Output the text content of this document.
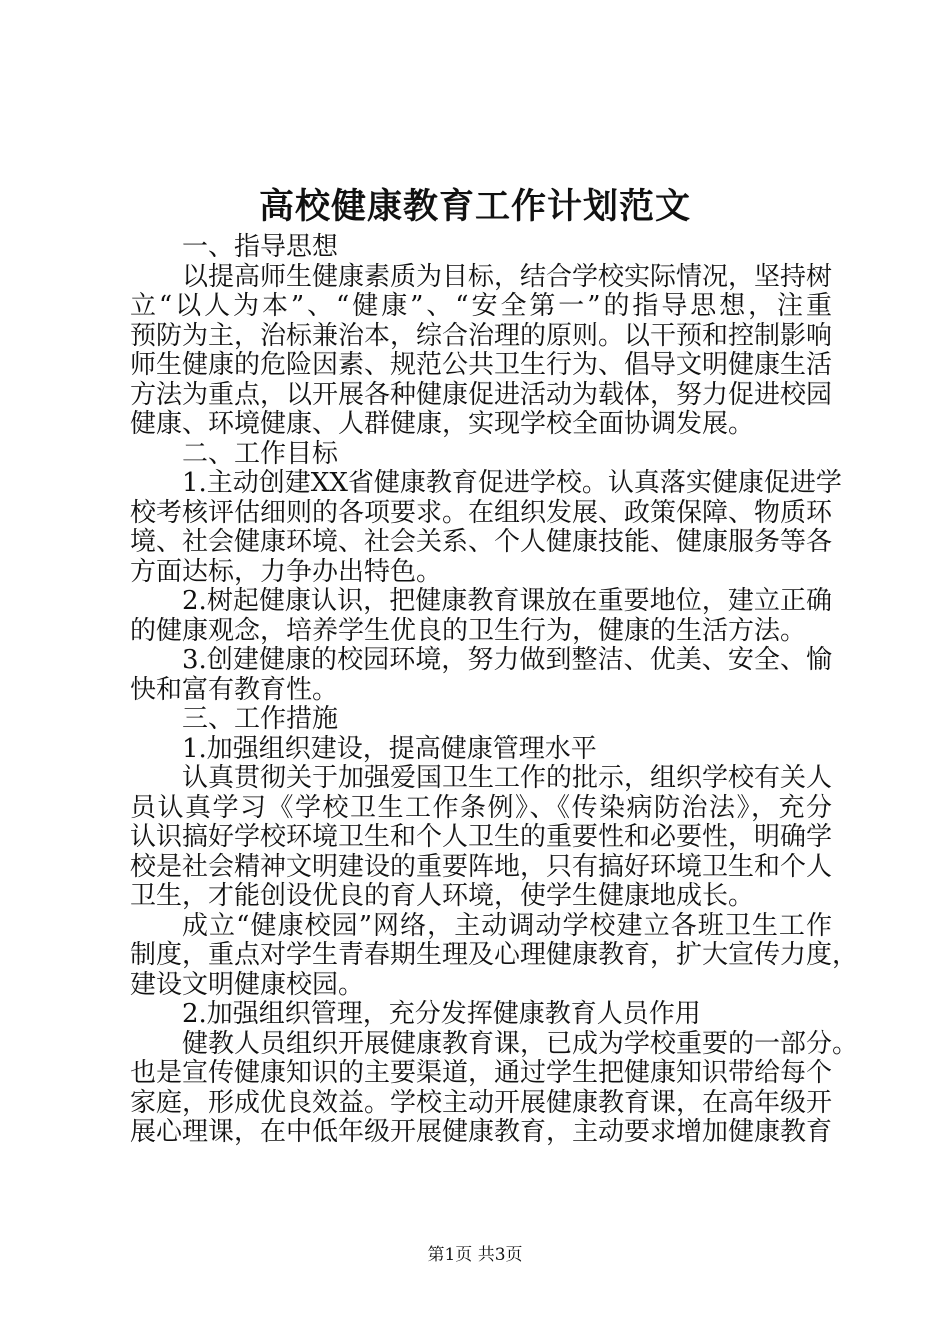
高校健康教育工作计划范文
一、指导思想
以提高师生健康素质为目标，结合学校实际情况，坚持树
立“以人为本”、“健康”、“安全第一”的指导思想，注重
预防为主，治标兼治本，综合治理的原则。以干预和控制影响
师生健康的危险因素、规范公共卫生行为、倡导文明健康生活
方法为重点，以开展各种健康促进活动为载体，努力促进校园
健康、环境健康、人群健康，实现学校全面协调发展。
二、工作目标
1.主动创建XX省健康教育促进学校。认真落实健康促进学
校考核评估细则的各项要求。在组织发展、政策保障、物质环
境、社会健康环境、社会关系、个人健康技能、健康服务等各
方面达标，力争办出特色。
2.树起健康认识，把健康教育课放在重要地位，建立正确
的健康观念，培养学生优良的卫生行为，健康的生活方法。
3.创建健康的校园环境，努力做到整洁、优美、安全、愉
快和富有教育性。
三、工作措施
1.加强组织建设，提高健康管理水平
认真贯彻关于加强爱国卫生工作的批示，组织学校有关人
员认真学习《学校卫生工作条例》、《传染病防治法》，充分
认识搞好学校环境卫生和个人卫生的重要性和必要性，明确学
校是社会精神文明建设的重要阵地，只有搞好环境卫生和个人
卫生，才能创设优良的育人环境，使学生健康地成长。
成立“健康校园”网络，主动调动学校建立各班卫生工作
制度，重点对学生青春期生理及心理健康教育，扩大宣传力度，
建设文明健康校园。
2.加强组织管理，充分发挥健康教育人员作用
健教人员组织开展健康教育课，已成为学校重要的一部分。
也是宣传健康知识的主要渠道，通过学生把健康知识带给每个
家庭，形成优良效益。学校主动开展健康教育课，在高年级开
展心理课，在中低年级开展健康教育，主动要求增加健康教育
第1页 共3页
